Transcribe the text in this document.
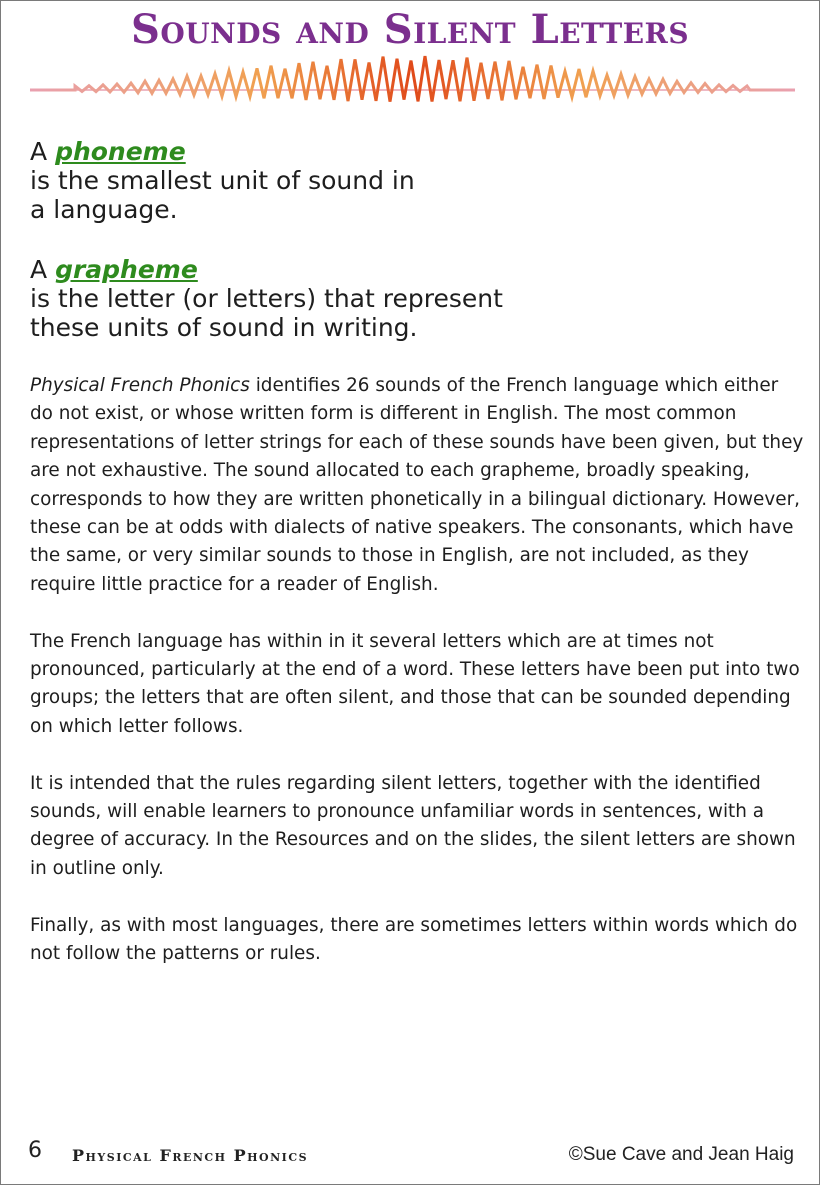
Sounds and Silent Letters
A phoneme
is the smallest unit of sound in
a language.
A grapheme
is the letter (or letters) that represent
these units of sound in writing.

Physical French Phonics identifies 26 sounds of the French language which either do not exist, or whose written form is different in English. The most common representations of letter strings for each of these sounds have been given, but they are not exhaustive. The sound allocated to each grapheme, broadly speaking, corresponds to how they are written phonetically in a bilingual dictionary. However, these can be at odds with dialects of native speakers. The consonants, which have the same, or very similar sounds to those in English, are not included, as they require little practice for a reader of English.

The French language has within in it several letters which are at times not pronounced, particularly at the end of a word. These letters have been put into two groups; the letters that are often silent, and those that can be sounded depending on which letter follows.

It is intended that the rules regarding silent letters, together with the identified sounds, will enable learners to pronounce unfamiliar words in sentences, with a degree of accuracy. In the Resources and on the slides, the silent letters are shown in outline only.

Finally, as with most languages, there are sometimes letters within words which do not follow the patterns or rules.

6 Physical French Phonics	©Sue Cave and Jean Haig
